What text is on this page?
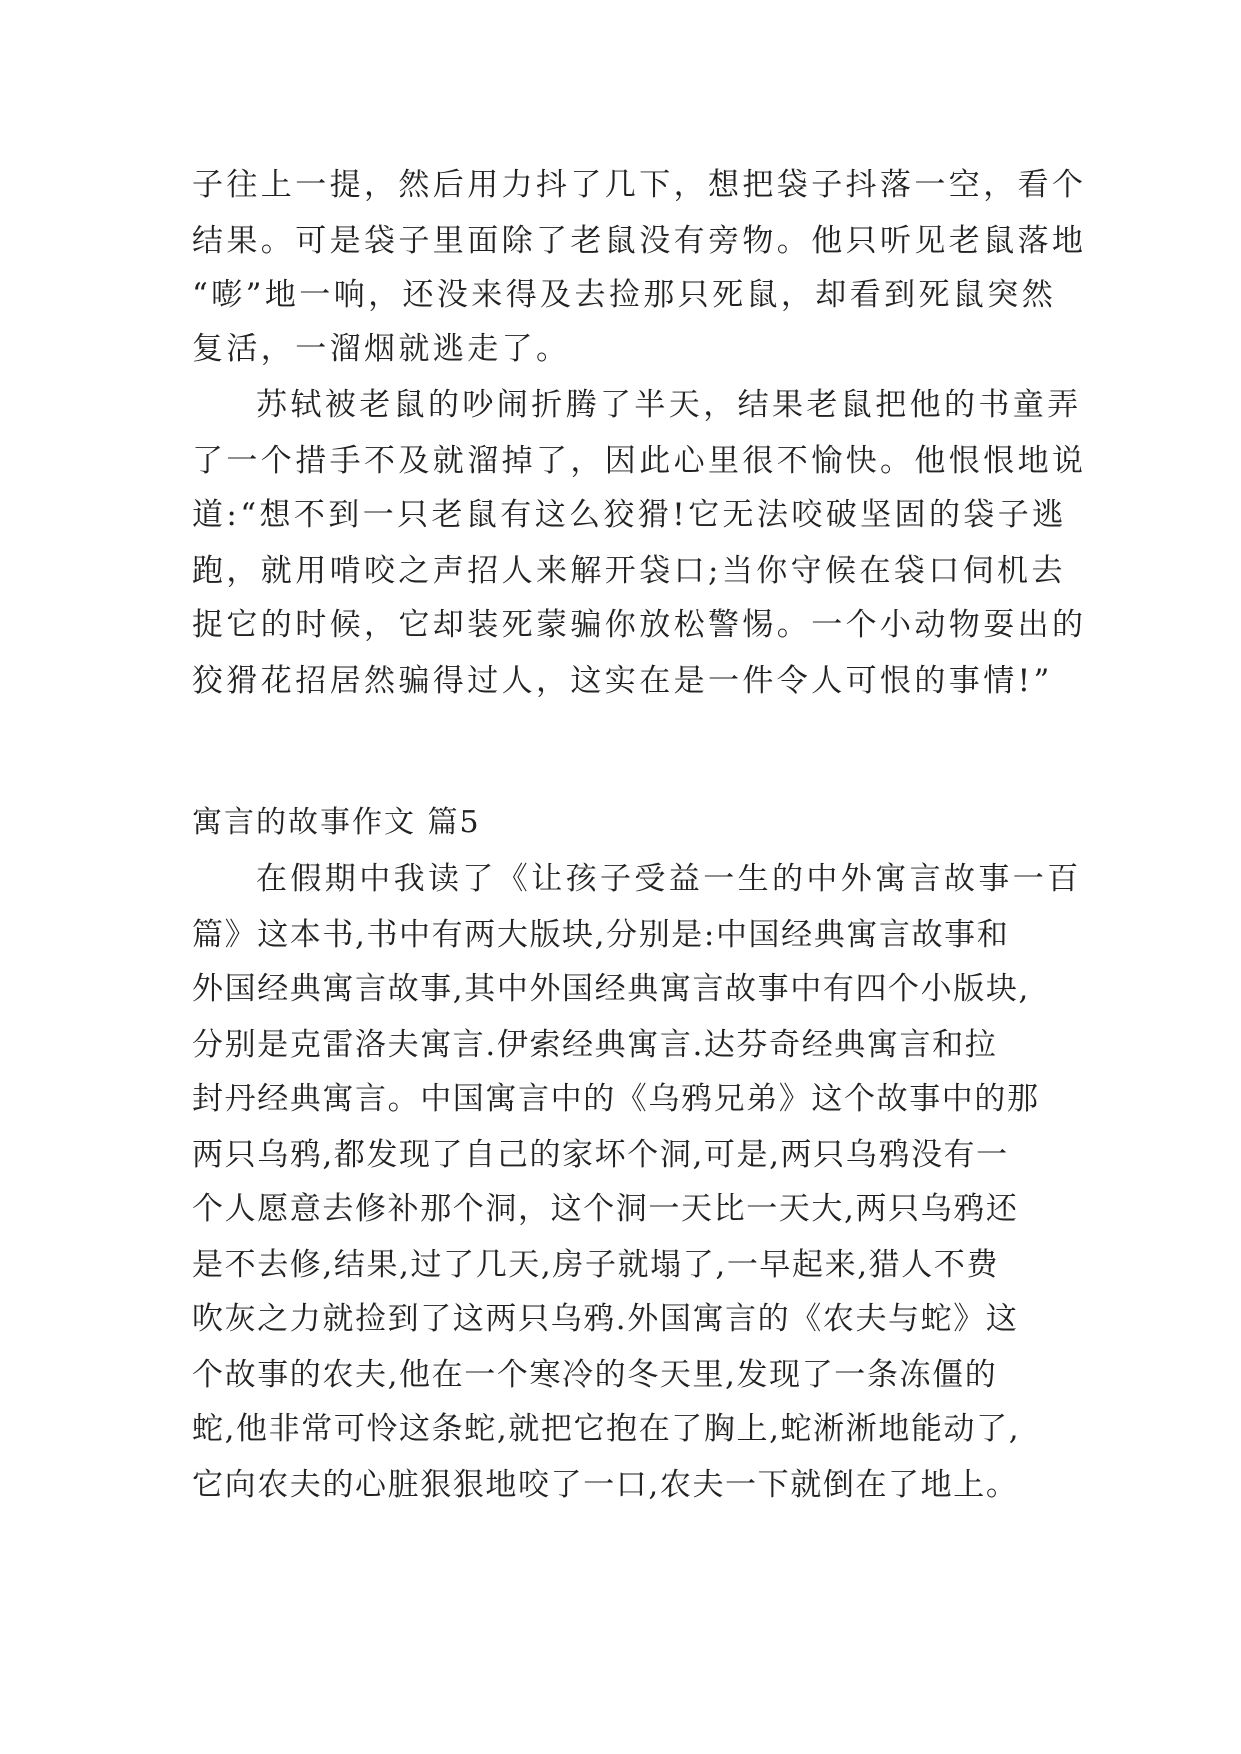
子往上一提，然后用力抖了几下，想把袋子抖落一空，看个
结果。可是袋子里面除了老鼠没有旁物。他只听见老鼠落地
“嘭”地一响，还没来得及去捡那只死鼠，却看到死鼠突然
复活，一溜烟就逃走了。
苏轼被老鼠的吵闹折腾了半天，结果老鼠把他的书童弄
了一个措手不及就溜掉了，因此心里很不愉快。他恨恨地说
道:“想不到一只老鼠有这么狡猾!它无法咬破坚固的袋子逃
跑，就用啃咬之声招人来解开袋口;当你守候在袋口伺机去
捉它的时候，它却装死蒙骗你放松警惕。一个小动物耍出的
狡猾花招居然骗得过人，这实在是一件令人可恨的事情!”
寓言的故事作文 篇5
在假期中我读了《让孩子受益一生的中外寓言故事一百
篇》这本书,书中有两大版块,分别是:中国经典寓言故事和
外国经典寓言故事,其中外国经典寓言故事中有四个小版块,
分别是克雷洛夫寓言.伊索经典寓言.达芬奇经典寓言和拉
封丹经典寓言。中国寓言中的《乌鸦兄弟》这个故事中的那
两只乌鸦,都发现了自己的家坏个洞,可是,两只乌鸦没有一
个人愿意去修补那个洞，这个洞一天比一天大,两只乌鸦还
是不去修,结果,过了几天,房子就塌了,一早起来,猎人不费
吹灰之力就捡到了这两只乌鸦.外国寓言的《农夫与蛇》这
个故事的农夫,他在一个寒冷的冬天里,发现了一条冻僵的
蛇,他非常可怜这条蛇,就把它抱在了胸上,蛇淅淅地能动了,
它向农夫的心脏狠狠地咬了一口,农夫一下就倒在了地上。
